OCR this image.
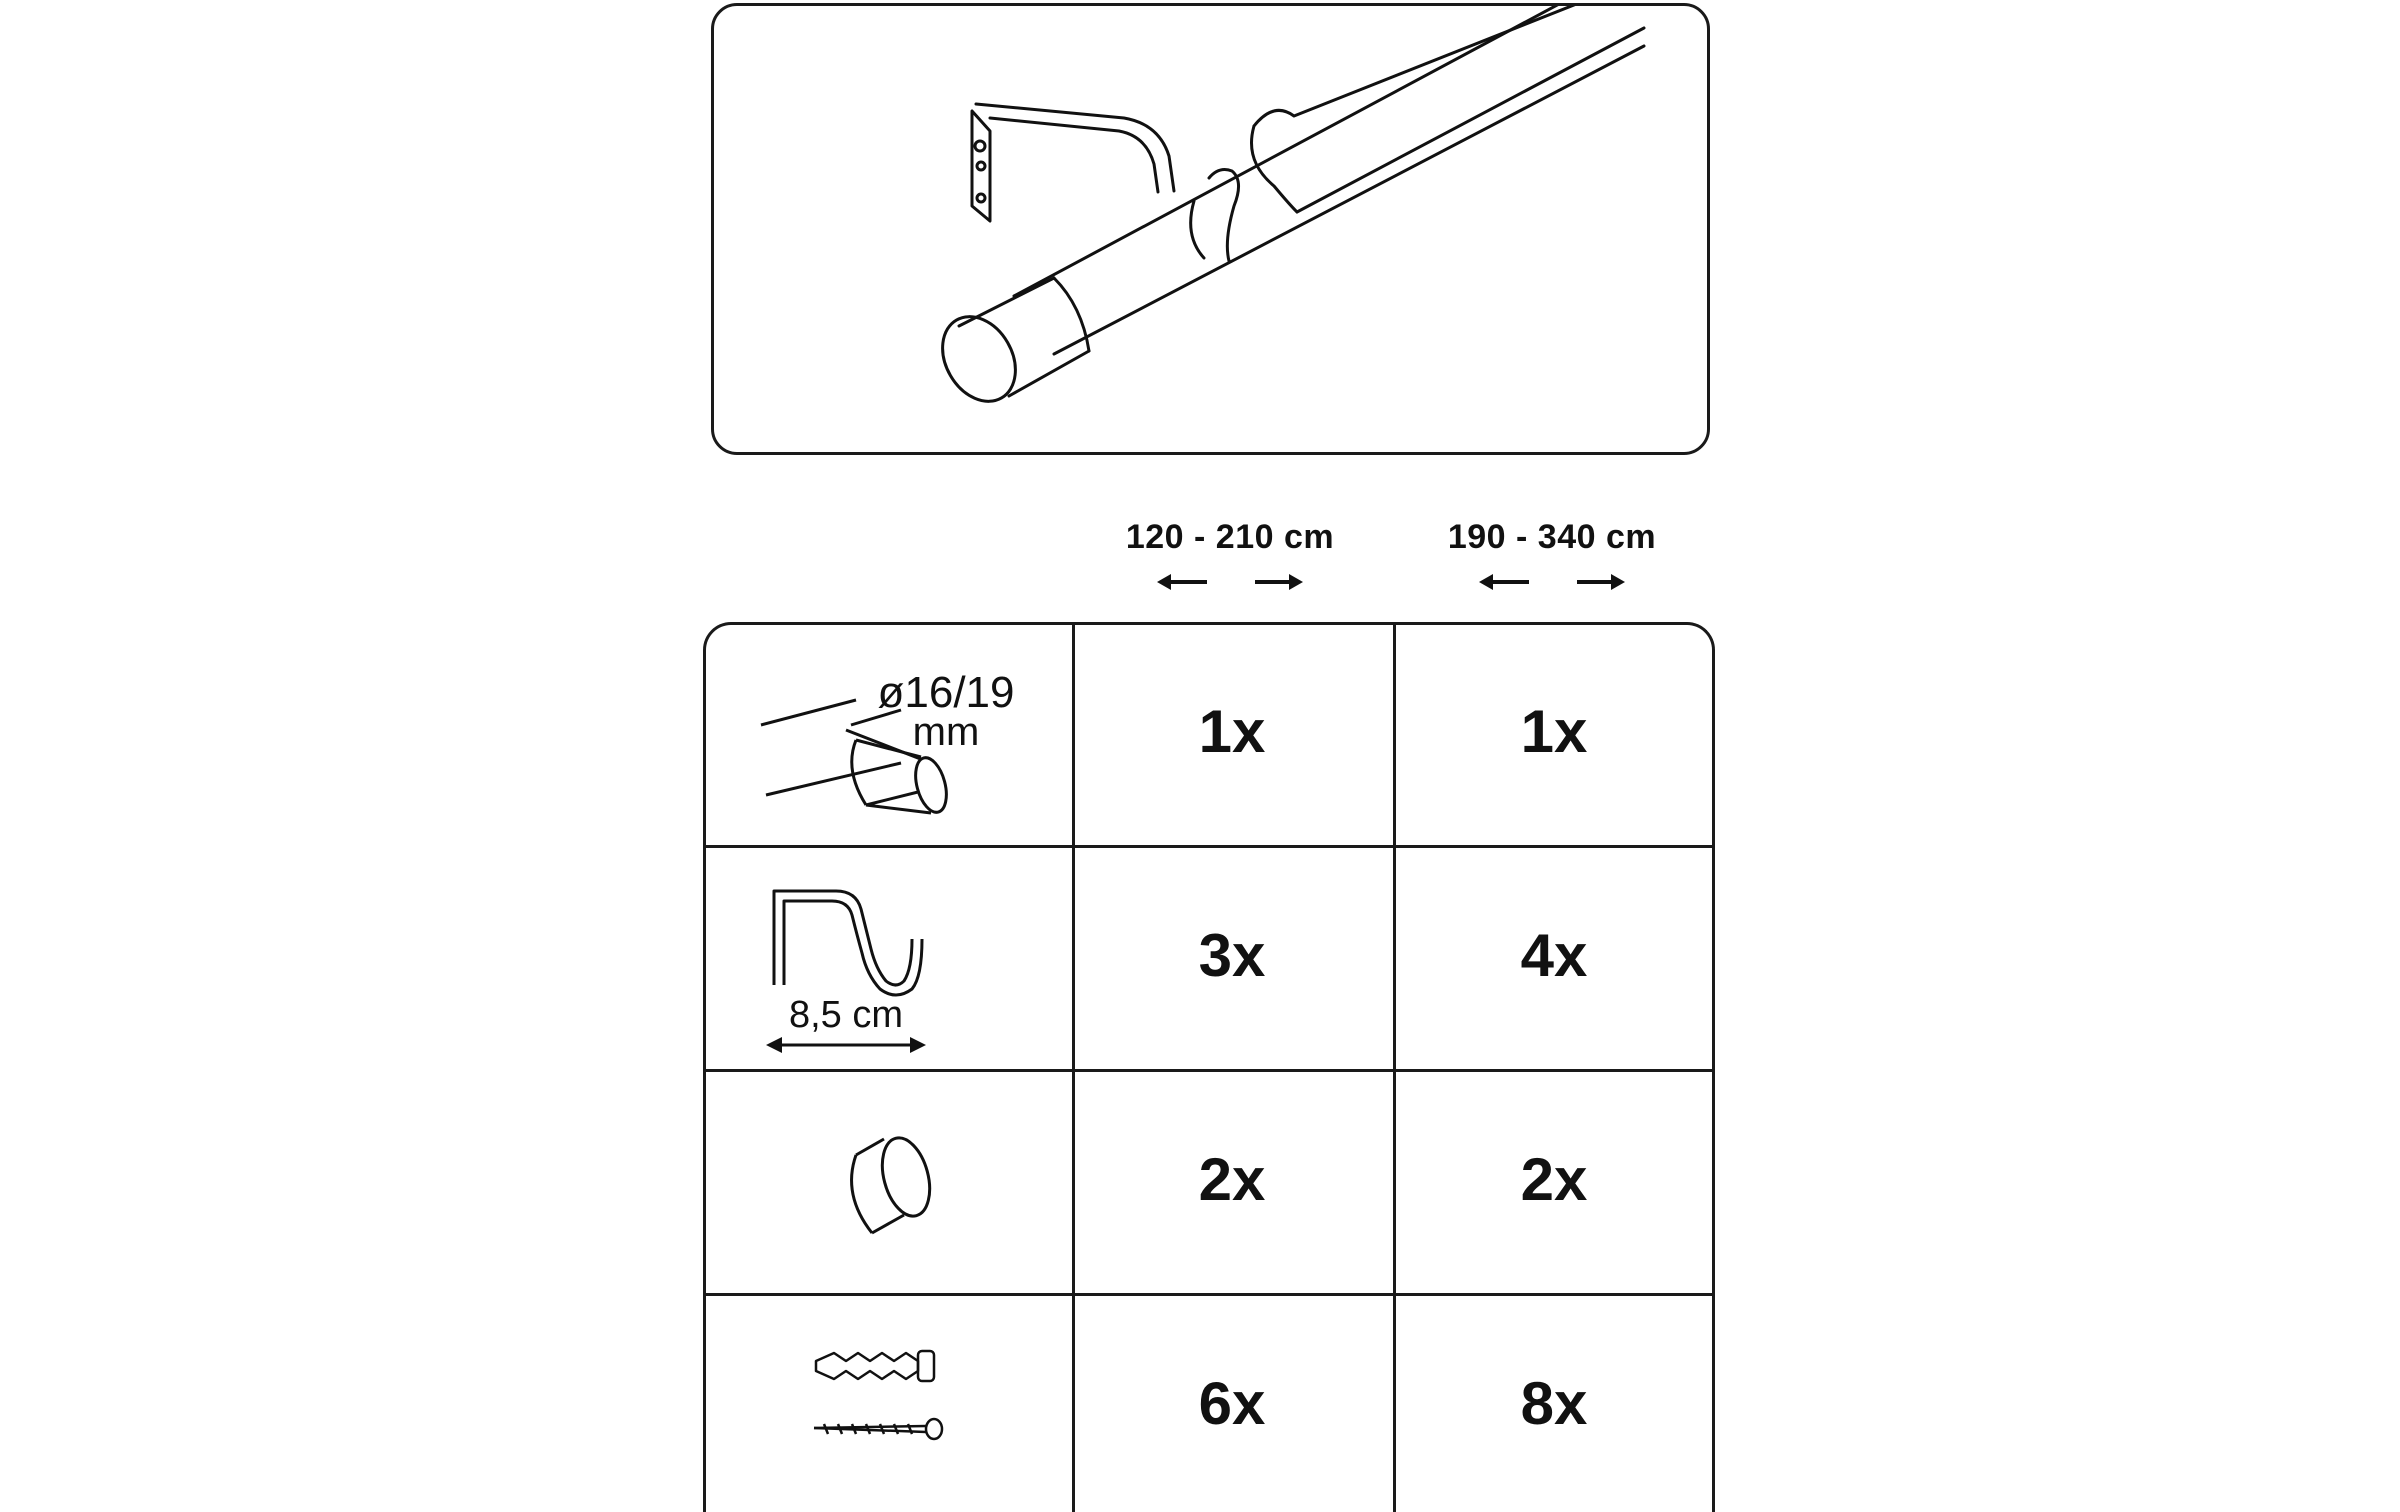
120 - 210 cm	190 - 340 cm
ø16/19
mm	1x	1x
8,5 cm
3x	4x
2x	2x
6x	8x
